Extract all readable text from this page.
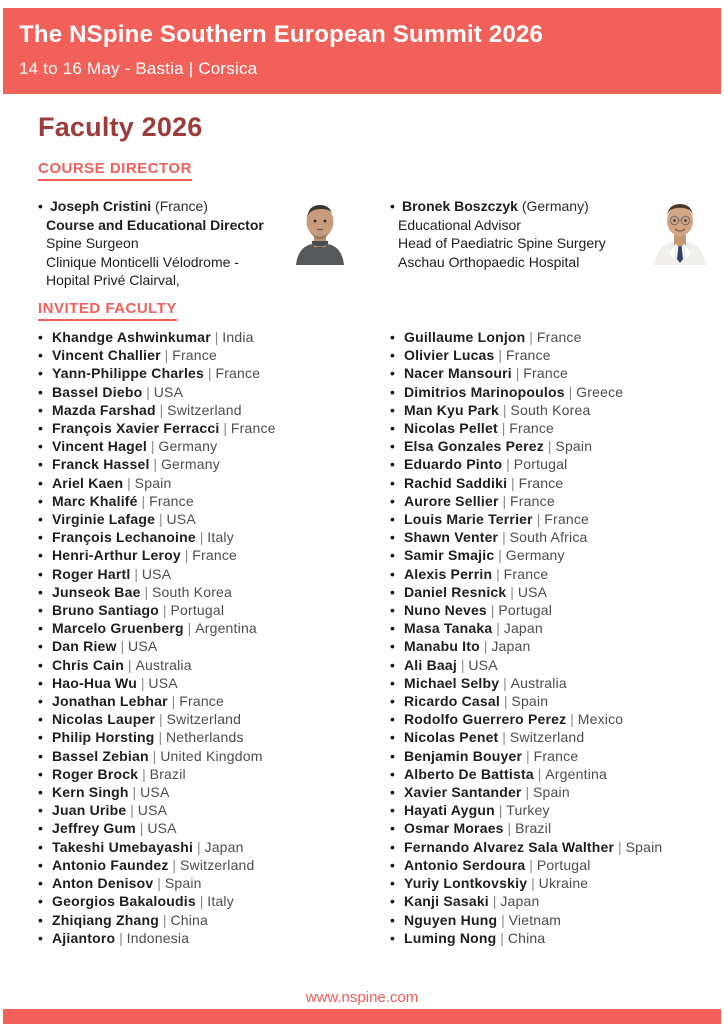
The NSpine Southern European Summit 2026
14 to 16 May - Bastia | Corsica
Faculty 2026
COURSE DIRECTOR
• Joseph Cristini (France)
Course and Educational Director
Spine Surgeon
Clinique Monticelli Vélodrome -
Hopital Privé Clairval,
• Bronek Boszczyk (Germany)
Educational Advisor
Head of Paediatric Spine Surgery
Aschau Orthopaedic Hospital
INVITED FACULTY
• Khandge Ashwinkumar | India
• Vincent Challier | France
• Yann-Philippe Charles | France
• Bassel Diebo | USA
• Mazda Farshad | Switzerland
• François Xavier Ferracci | France
• Vincent Hagel | Germany
• Franck Hassel | Germany
• Ariel Kaen | Spain
• Marc Khalifé | France
• Virginie Lafage | USA
• François Lechanoine | Italy
• Henri-Arthur Leroy | France
• Roger Hartl | USA
• Junseok Bae | South Korea
• Bruno Santiago | Portugal
• Marcelo Gruenberg | Argentina
• Dan Riew | USA
• Chris Cain | Australia
• Hao-Hua Wu | USA
• Jonathan Lebhar | France
• Nicolas Lauper | Switzerland
• Philip Horsting | Netherlands
• Bassel Zebian | United Kingdom
• Roger Brock | Brazil
• Kern Singh | USA
• Juan Uribe | USA
• Jeffrey Gum | USA
• Takeshi Umebayashi | Japan
• Antonio Faundez | Switzerland
• Anton Denisov | Spain
• Georgios Bakaloudis | Italy
• Zhiqiang Zhang | China
• Ajiantoro | Indonesia
• Guillaume Lonjon | France
• Olivier Lucas | France
• Nacer Mansouri | France
• Dimitrios Marinopoulos | Greece
• Man Kyu Park | South Korea
• Nicolas Pellet | France
• Elsa Gonzales Perez | Spain
• Eduardo Pinto | Portugal
• Rachid Saddiki | France
• Aurore Sellier | France
• Louis Marie Terrier | France
• Shawn Venter | South Africa
• Samir Smajic | Germany
• Alexis Perrin | France
• Daniel Resnick | USA
• Nuno Neves | Portugal
• Masa Tanaka | Japan
• Manabu Ito | Japan
• Ali Baaj | USA
• Michael Selby | Australia
• Ricardo Casal | Spain
• Rodolfo Guerrero Perez | Mexico
• Nicolas Penet | Switzerland
• Benjamin Bouyer | France
• Alberto De Battista | Argentina
• Xavier Santander | Spain
• Hayati Aygun | Turkey
• Osmar Moraes | Brazil
• Fernando Alvarez Sala Walther | Spain
• Antonio Serdoura | Portugal
• Yuriy Lontkovskiy | Ukraine
• Kanji Sasaki | Japan
• Nguyen Hung | Vietnam
• Luming Nong | China
www.nspine.com
